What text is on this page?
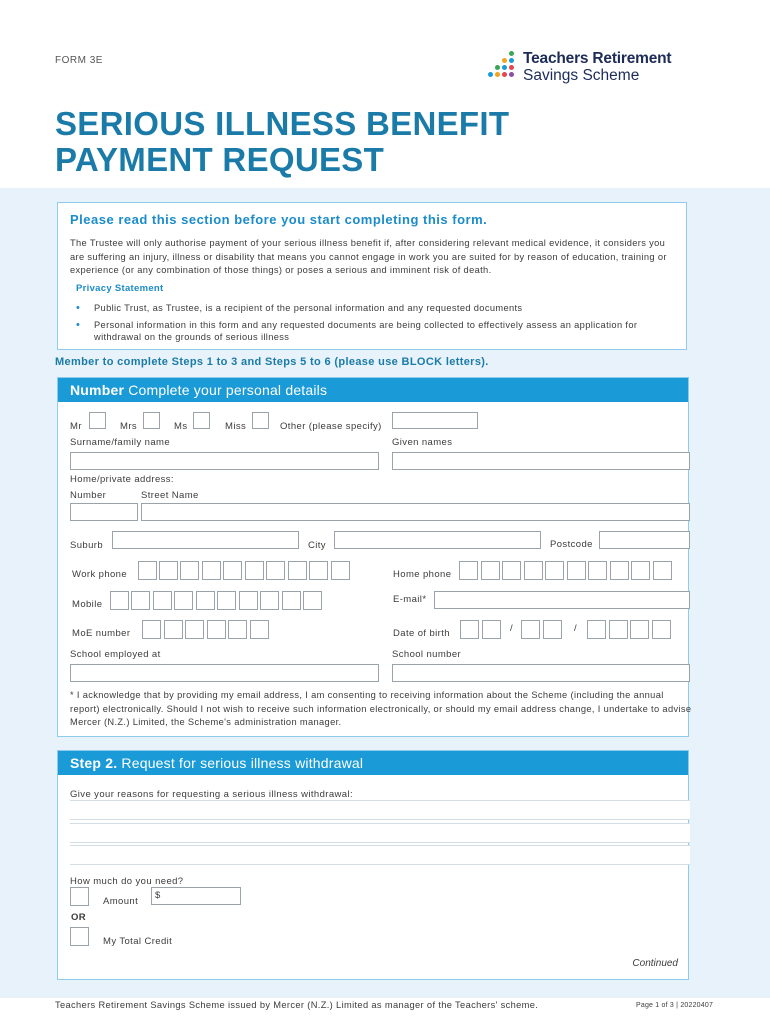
FORM 3E	Teachers Retirement
Savings Scheme
SERIOUS ILLNESS BENEFIT
PAYMENT REQUEST
Please read this section before you start completing this form.
The Trustee will only authorise payment of your serious illness benefit if, after considering relevant medical evidence, it considers you are suffering an injury, illness or disability that means you cannot engage in work you are suited for by reason of education, training or experience (or any combination of those things) or poses a serious and imminent risk of death.
Privacy Statement
• Public Trust, as Trustee, is a recipient of the personal information and any requested documents
• Personal information in this form and any requested documents are being collected to effectively assess an application for withdrawal on the grounds of serious illness
Member to complete Steps 1 to 3 and Steps 5 to 6 (please use BLOCK letters).
Number Complete your personal details
Mr	Mrs	Ms	Miss	Other (please specify)
Surname/family name	Given names
Home/private address:
Number	Street Name
Suburb	City	Postcode
Work phone	Home phone
Mobile	E-mail*
MoE number	Date of birth	/	/
School employed at	School number
* I acknowledge that by providing my email address, I am consenting to receiving information about the Scheme (including the annual report) electronically. Should I not wish to receive such information electronically, or should my email address change, I undertake to advise Mercer (N.Z.) Limited, the Scheme's administration manager.
Step 2. Request for serious illness withdrawal
Give your reasons for requesting a serious illness withdrawal:
How much do you need?
Amount
$
OR
My Total Credit
Continued
Teachers Retirement Savings Scheme issued by Mercer (N.Z.) Limited as manager of the Teachers' scheme.	Page 1 of 3 | 20220407
